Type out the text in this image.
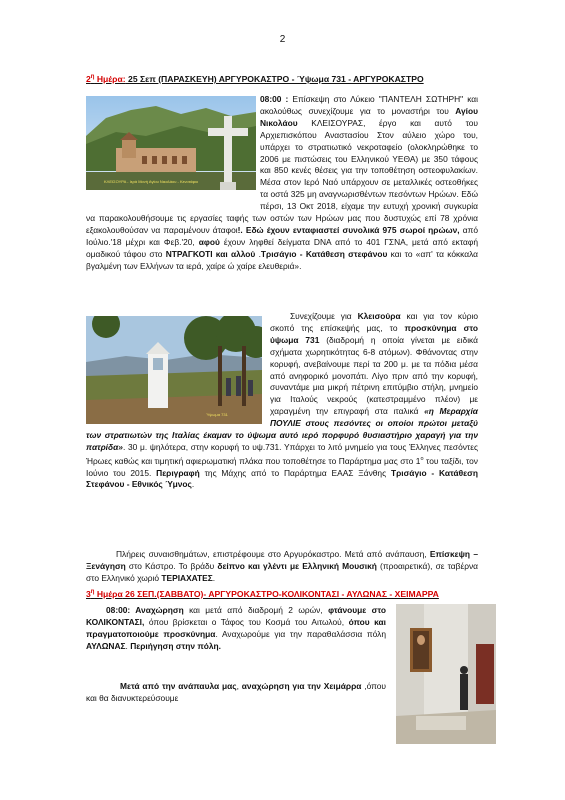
2
$2^\eta$ Ημέρα: 25 Σεπ (ΠΑΡΑΣΚΕΥΗ) ΑΡΓΥΡΟΚΑΣΤΡΟ - Ύψωμα 731 - ΑΡΓΥΡΟΚΑΣΤΡΟ
ΚΛΕΙΣΟΥΡΑ - Ιερά Μονή Αγίου Νικολάου - Κενοτάφιο
08:00 : Επίσκεψη στο Λύκειο "ΠΑΝΤΕΛΗ ΣΩΤΗΡΗ" και ακολούθως συνεχίζουμε για το μοναστήρι του Αγίου Νικολάου ΚΛΕΙΣΟΥΡΑΣ, έργο και αυτό του Αρχιεπισκόπου Αναστασίου Στον αύλειο χώρο του, υπάρχει το στρατιωτικό νεκροταφείο (ολοκληρώθηκε το 2006 με πιστώσεις του Ελληνικού ΥΕΘΑ) με 350 τάφους και 850 κενές θέσεις για την τοποθέτηση οστεοφυλακίων. Μέσα στον Ιερό Ναό υπάρχουν σε μεταλλικές οστεοθήκες τα οστά 325 μη αναγνωρισθέντων πεσόντων Ηρώων. Εδώ πέρσι, 13 Οκτ 2018, είχαμε την ευτυχή χρονική συγκυρία να παρακολουθήσουμε τις εργασίες ταφής των οστών των Ηρώων μας που δυστυχώς επί 78 χρόνια εξακολουθούσαν να παραμένουν άταφοι!. Εδώ έχουν ενταφιαστεί συνολικά 975 σωροί ηρώων, από Ιούλιο.'18 μέχρι και Φεβ.'20, αφού έχουν ληφθεί δείγματα DNA από το 401 ΓΣΝΑ, μετά από εκταφή ομαδικού τάφου στο ΝΤΡΑΓΚΟΤΙ και αλλού .Τρισάγιο - Κατάθεση στεφάνου και το «απ' τα κόκκαλα βγαλμένη των Ελλήνων τα ιερά, χαίρε ώ χαίρε ελευθεριά».
Ύψωμα 731
Συνεχίζουμε για Κλεισούρα και για τον κύριο σκοπό της επίσκεψής μας, το προσκύνημα στο ύψωμα 731 (διαδρομή η οποία γίνεται με ειδικά σχήματα χωρητικότητας 6-8 ατόμων). Φθάνοντας στην κορυφή, ανεβαίνουμε περί τα 200 μ. με τα πόδια μέσα από ανηφορικό μονοπάτι. Λίγο πριν από την κορυφή, συναντάμε μια μικρή πέτρινη επιτύμβιο στήλη, μνημείο για Ιταλούς νεκρούς (κατεστραμμένο πλέον) με χαραγμένη την επιγραφή στα ιταλικά «η Μεραρχία ΠΟΥΛΙΕ στους πεσόντες οι οποίοι πρώτοι μεταξύ των στρατιωτών της Ιταλίας έκαμαν το ύψωμα αυτό ιερό πορφυρό θυσιαστήριο χαραγή για την πατρίδα». 30 μ. ψηλότερα, στην κορυφή το υψ.731. Υπάρχει το λιτό μνημείο για τους Έλληνες πεσόντες Ήρωες καθώς και τιμητική αφιερωματική πλάκα που τοποθέτησε το Παράρτημα μας στο $1^o$ του ταξίδι, τον Ιούνιο του 2015. Περιγραφή της Μάχης από το Παράρτημα ΕΑΑΣ Ξάνθης Τρισάγιο - Κατάθεση Στεφάνου - Εθνικός Ύμνος.
Πλήρεις συναισθημάτων, επιστρέφουμε στο Αργυρόκαστρο. Μετά από ανάπαυση, Επίσκεψη – Ξενάγηση στο Κάστρο. Το βράδυ δείπνο και γλέντι με Ελληνική Μουσική (προαιρετικά), σε ταβέρνα στο Ελληνικό χωριό ΤΕΡΙΑΧΑΤΕΣ.
$3^\eta$ Ημέρα 26 ΣΕΠ.(ΣΑΒΒΑΤΟ)- ΑΡΓΥΡΟΚΑΣΤΡΟ-ΚΟΛΙΚΟΝΤΑΣΙ - ΑΥΛΩΝΑΣ - ΧΕΙΜΑΡΡΑ
08:00: Αναχώρηση και μετά από διαδρομή 2 ωρών, φτάνουμε στο ΚΟΛΙΚΟΝΤΑΣΙ, όπου βρίσκεται ο Τάφος του Κοσμά του Αιτωλού, όπου και πραγματοποιούμε προσκύνημα. Αναχωρούμε για την παραθαλάσσια πόλη ΑΥΛΩΝΑΣ. Περιήγηση στην πόλη.
Μετά από την ανάπαυλα μας, αναχώρηση για την Χειμάρρα ,όπου και θα διανυκτερεύσουμε
